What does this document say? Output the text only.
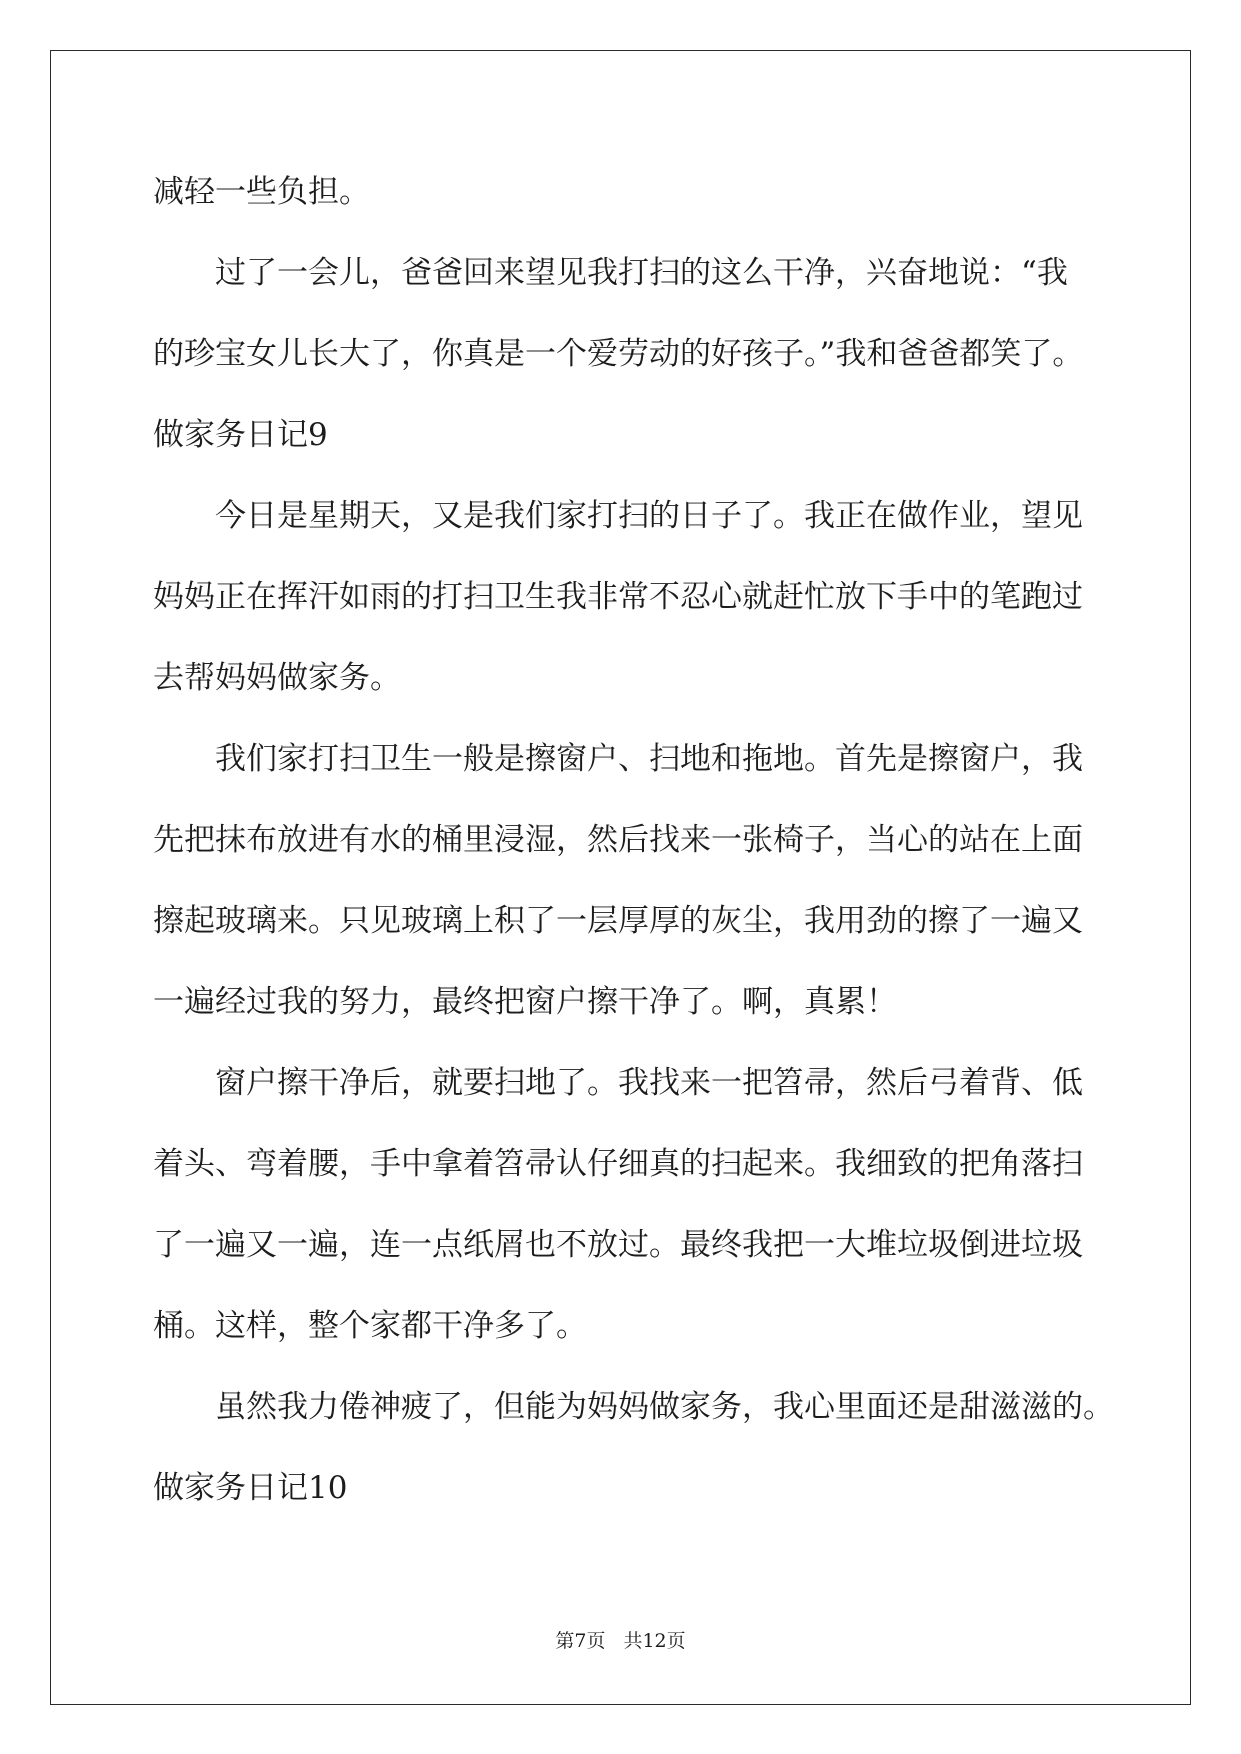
减轻一些负担。
过了一会儿，爸爸回来望见我打扫的这么干净，兴奋地说：“我
的珍宝女儿长大了，你真是一个爱劳动的好孩子。”我和爸爸都笑了。
做家务日记9
今日是星期天，又是我们家打扫的日子了。我正在做作业，望见
妈妈正在挥汗如雨的打扫卫生我非常不忍心就赶忙放下手中的笔跑过
去帮妈妈做家务。
我们家打扫卫生一般是擦窗户、扫地和拖地。首先是擦窗户，我
先把抹布放进有水的桶里浸湿，然后找来一张椅子，当心的站在上面
擦起玻璃来。只见玻璃上积了一层厚厚的灰尘，我用劲的擦了一遍又
一遍经过我的努力，最终把窗户擦干净了。啊，真累！
窗户擦干净后，就要扫地了。我找来一把笤帚，然后弓着背、低
着头、弯着腰，手中拿着笤帚认仔细真的扫起来。我细致的把角落扫
了一遍又一遍，连一点纸屑也不放过。最终我把一大堆垃圾倒进垃圾
桶。这样，整个家都干净多了。
虽然我力倦神疲了，但能为妈妈做家务，我心里面还是甜滋滋的。
做家务日记10
第7页 共12页
